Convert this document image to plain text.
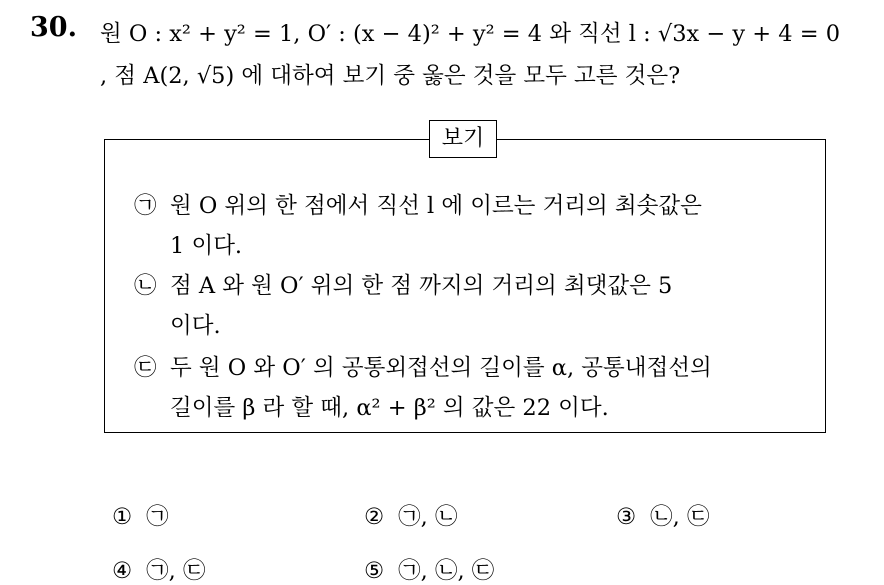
30. 원 O : x² + y² = 1, O′ : (x − 4)² + y² = 4 와 직선 l : √3x − y + 4 = 0
, 점 A(2, √5) 에 대하여 보기 중 옳은 것을 모두 고른 것은?
보기
㉠ 원 O 위의 한 점에서 직선 l 에 이르는 거리의 최솟값은
1 이다.
㉡ 점 A 와 원 O′ 위의 한 점 까지의 거리의 최댓값은 5
이다.
㉢ 두 원 O 와 O′ 의 공통외접선의 길이를 α, 공통내접선의
길이를 β 라 할 때, α² + β² 의 값은 22 이다.
① ㉠	② ㉠, ㉡	③ ㉡, ㉢
④ ㉠, ㉢	⑤ ㉠, ㉡, ㉢
